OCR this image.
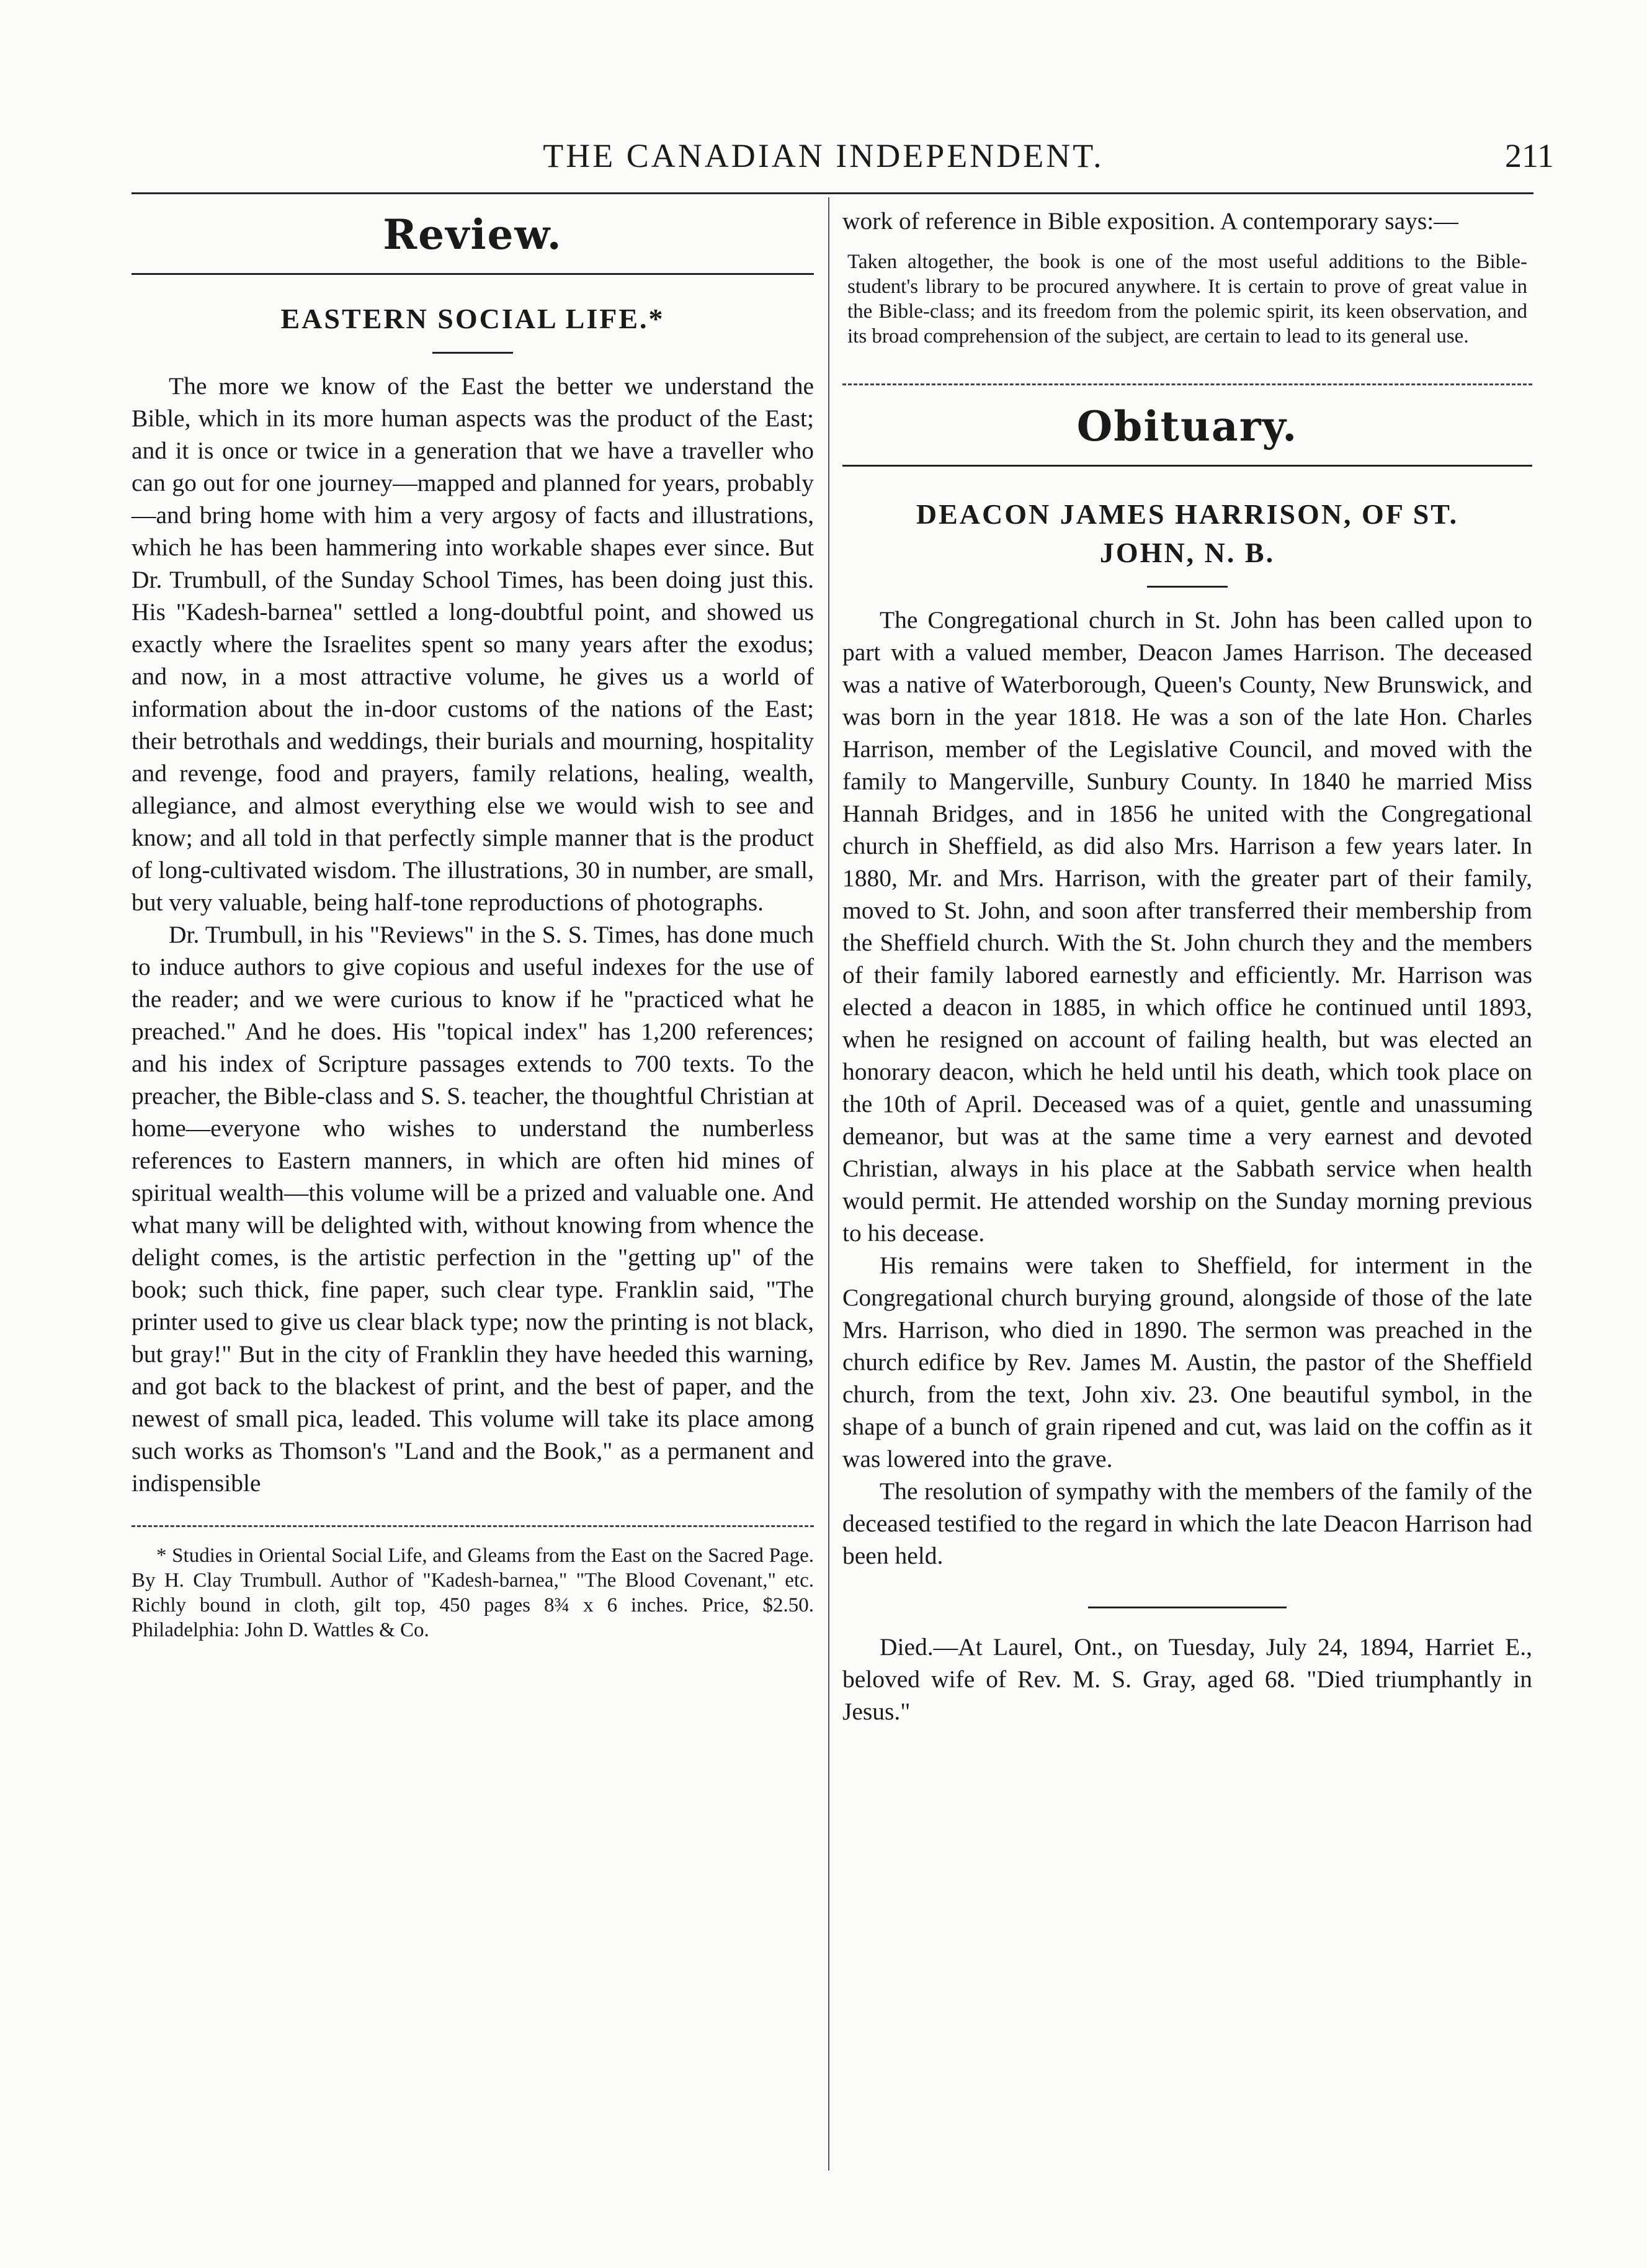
THE CANADIAN INDEPENDENT.	211
Review.
EASTERN SOCIAL LIFE.*

The more we know of the East the better we understand the Bible, which in its more human aspects was the product of the East; and it is once or twice in a generation that we have a traveller who can go out for one journey—mapped and planned for years, probably—and bring home with him a very argosy of facts and illustrations, which he has been hammering into workable shapes ever since. But Dr. Trumbull, of the Sunday School Times, has been doing just this. His "Kadesh-barnea" settled a long-doubtful point, and showed us exactly where the Israelites spent so many years after the exodus; and now, in a most attractive volume, he gives us a world of information about the in-door customs of the nations of the East; their betrothals and weddings, their burials and mourning, hospitality and revenge, food and prayers, family relations, healing, wealth, allegiance, and almost everything else we would wish to see and know; and all told in that perfectly simple manner that is the product of long-cultivated wisdom. The illustrations, 30 in number, are small, but very valuable, being half-tone reproductions of photographs.

Dr. Trumbull, in his "Reviews" in the S. S. Times, has done much to induce authors to give copious and useful indexes for the use of the reader; and we were curious to know if he "practiced what he preached." And he does. His "topical index" has 1,200 references; and his index of Scripture passages extends to 700 texts. To the preacher, the Bible-class and S. S. teacher, the thoughtful Christian at home—everyone who wishes to understand the numberless references to Eastern manners, in which are often hid mines of spiritual wealth—this volume will be a prized and valuable one. And what many will be delighted with, without knowing from whence the delight comes, is the artistic perfection in the "getting up" of the book; such thick, fine paper, such clear type. Franklin said, "The printer used to give us clear black type; now the printing is not black, but gray!" But in the city of Franklin they have heeded this warning, and got back to the blackest of print, and the best of paper, and the newest of small pica, leaded. This volume will take its place among such works as Thomson's "Land and the Book," as a permanent and indispensible

* Studies in Oriental Social Life, and Gleams from the East on the Sacred Page. By H. Clay Trumbull. Author of "Kadesh-barnea," "The Blood Covenant," etc. Richly bound in cloth, gilt top, 450 pages 8¾ x 6 inches. Price, $2.50. Philadelphia: John D. Wattles & Co.

work of reference in Bible exposition. A contemporary says:—

Taken altogether, the book is one of the most useful additions to the Bible-student's library to be procured anywhere. It is certain to prove of great value in the Bible-class; and its freedom from the polemic spirit, its keen observation, and its broad comprehension of the subject, are certain to lead to its general use.

Obituary.
DEACON JAMES HARRISON, OF ST. JOHN, N. B.

The Congregational church in St. John has been called upon to part with a valued member, Deacon James Harrison. The deceased was a native of Waterborough, Queen's County, New Brunswick, and was born in the year 1818. He was a son of the late Hon. Charles Harrison, member of the Legislative Council, and moved with the family to Mangerville, Sunbury County. In 1840 he married Miss Hannah Bridges, and in 1856 he united with the Congregational church in Sheffield, as did also Mrs. Harrison a few years later. In 1880, Mr. and Mrs. Harrison, with the greater part of their family, moved to St. John, and soon after transferred their membership from the Sheffield church. With the St. John church they and the members of their family labored earnestly and efficiently. Mr. Harrison was elected a deacon in 1885, in which office he continued until 1893, when he resigned on account of failing health, but was elected an honorary deacon, which he held until his death, which took place on the 10th of April. Deceased was of a quiet, gentle and unassuming demeanor, but was at the same time a very earnest and devoted Christian, always in his place at the Sabbath service when health would permit. He attended worship on the Sunday morning previous to his decease.

His remains were taken to Sheffield, for interment in the Congregational church burying ground, alongside of those of the late Mrs. Harrison, who died in 1890. The sermon was preached in the church edifice by Rev. James M. Austin, the pastor of the Sheffield church, from the text, John xiv. 23. One beautiful symbol, in the shape of a bunch of grain ripened and cut, was laid on the coffin as it was lowered into the grave.

The resolution of sympathy with the members of the family of the deceased testified to the regard in which the late Deacon Harrison had been held.

Died.—At Laurel, Ont., on Tuesday, July 24, 1894, Harriet E., beloved wife of Rev. M. S. Gray, aged 68. "Died triumphantly in Jesus."
